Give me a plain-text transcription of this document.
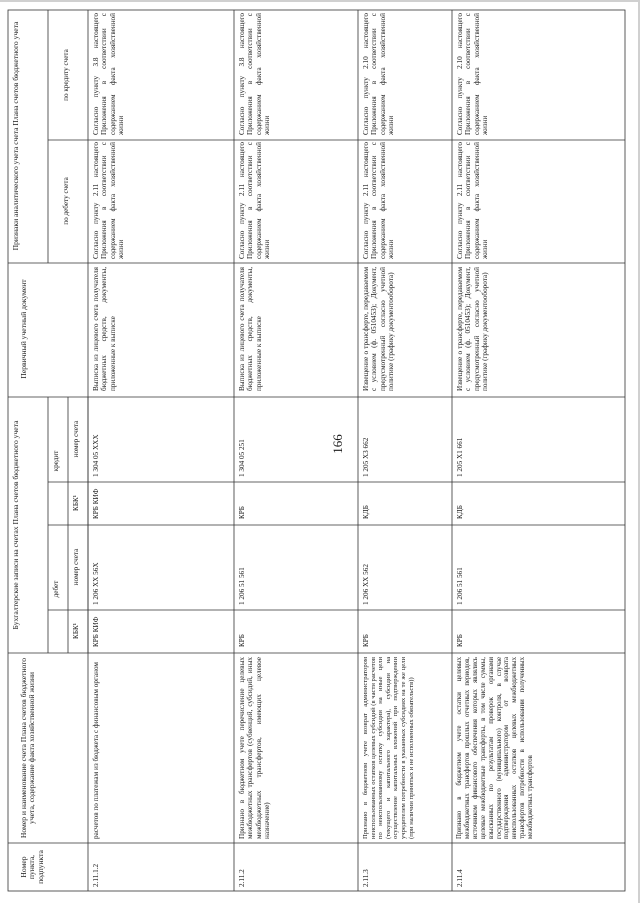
Номер пункта, подпункта
Номер и наименование счета Плана счетов бюджетного учета, содержание факта хозяйственной жизни
Бухгалтерские записи на счетах Плана счетов бюджетного учета	дебет
кредит
КБК¹
номер счета
КБК¹
номер счета
Первичный учетный документ
Признаки аналитического учета счета Плана счетов бюджетного учета	по дебету счета
по кредиту счета
2.11.1.2
расчетов по платежам из бюджета с финансовым органом
КРБ КИФ
1 206 XX 56X
КРБ КИФ
1 304 05 XXX
Выписка из лицевого счета получателя бюджетных средств, документы, приложенные к выписке
Согласно пункту 2.11 настоящего Приложения в соответствии с содержанием факта хозяйственной жизни
Согласно пункту 3.8 настоящего Приложения в соответствии с содержанием факта хозяйственной жизни
2.11.2
Признано в бюджетном учете перечисление целевых межбюджетных трансфертов (субвенций, субсидий, иных межбюджетных трансфертов, имеющих целевое назначение)
КРБ
1 206 51 561
КРБ
1 304 05 251
Выписка из лицевого счета получателя бюджетных средств, документы, приложенные к выписке
Согласно пункту 2.11 настоящего Приложения в соответствии с содержанием факта хозяйственной жизни
Согласно пункту 3.8 настоящего Приложения в соответствии с содержанием факта хозяйственной жизни
2.11.3
Признано в бюджетном учете возврат администратором неиспользованных остатков целевых субсидий (в части расчетов по неиспользованному остатку субсидии на иные цели (текущего и капитального характера), субсидии на осуществление капитальных вложений при подтверждении учредителем потребности в указанных субсидиях на те же цели (при наличии принятых и не исполненных обязательств))
КРБ
1 206 XX 562
КДБ
1 205 X3 662
Извещение о трансферте, передаваемом с условием (ф. 0510453); Документ, предусмотренный согласно учетной политике (графику документооборота)
Согласно пункту 2.11 настоящего Приложения в соответствии с содержанием факта хозяйственной жизни
Согласно пункту 2.10 настоящего Приложения в соответствии с содержанием факта хозяйственной жизни
2.11.4
Признано в бюджетном учете остатки целевых межбюджетных трансфертов прошлых отчетных периодов, источником финансового обеспечения которых являлись целевые межбюджетные трансферты, в том числе суммы, взысканных по результатам проверок органами государственного (муниципального) контроля, в случае подтверждения администратором от возврата неиспользованных остатков целевых межбюджетных трансфертов потребности в использовании полученных межбюджетных трансфертов
КРБ
1 206 51 561
КДБ
1 205 X1 661
Извещение о трансферте, передаваемом с условием (ф. 0510453); Документ, предусмотренный согласно учетной политике (графику документооборота)
Согласно пункту 2.11 настоящего Приложения в соответствии с содержанием факта хозяйственной жизни
Согласно пункту 2.10 настоящего Приложения в соответствии с содержанием факта хозяйственной жизни
166
